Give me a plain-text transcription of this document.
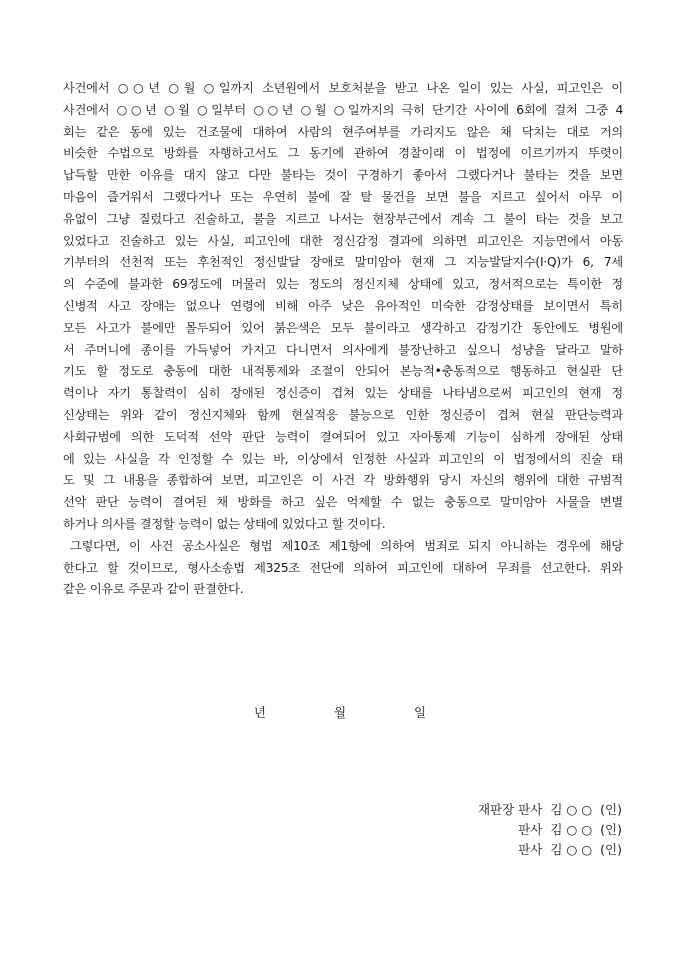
사건에서 ○○년 ○월 ○일까지 소년원에서 보호처분을 받고 나온 일이 있는 사실, 피고인은 이
사건에서 ○○년 ○월 ○일부터 ○○년 ○월 ○일까지의 극히 단기간 사이에 6회에 걸쳐 그중 4
회는 같은 동에 있는 건조물에 대하여 사람의 현주여부를 가리지도 않은 채 닥치는 대로 거의
비슷한 수법으로 방화를 자행하고서도 그 동기에 관하여 경찰이래 이 법정에 이르기까지 뚜렷이
납득할 만한 이유를 대지 않고 다만 불타는 것이 구경하기 좋아서 그랬다거나 불타는 것을 보면
마음이 즐거워서 그랬다거나 또는 우연히 불에 잘 탈 물건을 보면 불을 지르고 싶어서 아무 이
유없이 그냥 질렀다고 진술하고, 불을 지르고 나서는 현장부근에서 계속 그 불이 타는 것을 보고
있었다고 진술하고 있는 사실, 피고인에 대한 정신감정 결과에 의하면 피고인은 지능면에서 아동
기부터의 선천적 또는 후천적인 정신발달 장애로 말미암아 현재 그 지능발달지수(I·Q)가 6, 7세
의 수준에 불과한 69정도에 머물러 있는 정도의 정신지체 상태에 있고, 정서적으로는 특이한 정
신병적 사고 장애는 없으나 연령에 비해 아주 낮은 유아적인 미숙한 감정상태를 보이면서 특히
모든 사고가 불에만 몰두되어 있어 붉은색은 모두 불이라고 생각하고 감정기간 동안에도 병원에
서 주머니에 종이를 가득넣어 가지고 다니면서 의사에게 불장난하고 싶으니 성냥을 달라고 말하
기도 할 정도로 충동에 대한 내적통제와 조절이 안되어 본능적•충동적으로 행동하고 현실판 단
력이나 자기 통찰력이 심히 장애된 정신증이 겹쳐 있는 상태를 나타냄으로써 피고인의 현재 정
신상태는 위와 같이 정신지체와 함께 현실적응 불능으로 인한 정신증이 겹쳐 현실 판단능력과
사회규범에 의한 도덕적 선악 판단 능력이 결여되어 있고 자아통제 기능이 심하게 장애된 상태
에 있는 사실을 각 인정할 수 있는 바, 이상에서 인정한 사실과 피고인의 이 법정에서의 진술 태
도 및 그 내용을 종합하여 보면, 피고인은 이 사건 각 방화행위 당시 자신의 행위에 대한 규범적
선악 판단 능력이 결여된 채 방화를 하고 싶은 억제할 수 없는 충동으로 말미암아 사물을 변별
하거나 의사를 결정할 능력이 없는 상태에 있었다고 할 것이다.
그렇다면, 이 사건 공소사실은 형법 제10조 제1항에 의하여 범죄로 되지 아니하는 경우에 해당
한다고 할 것이므로, 형사소송법 제325조 전단에 의하여 피고인에 대하여 무죄를 선고한다. 위와
같은 이유로 주문과 같이 판결한다.
년	월	일
재판장 판사 김 ○ ○ (인)
판사 김 ○ ○ (인)
판사 김 ○ ○ (인)
